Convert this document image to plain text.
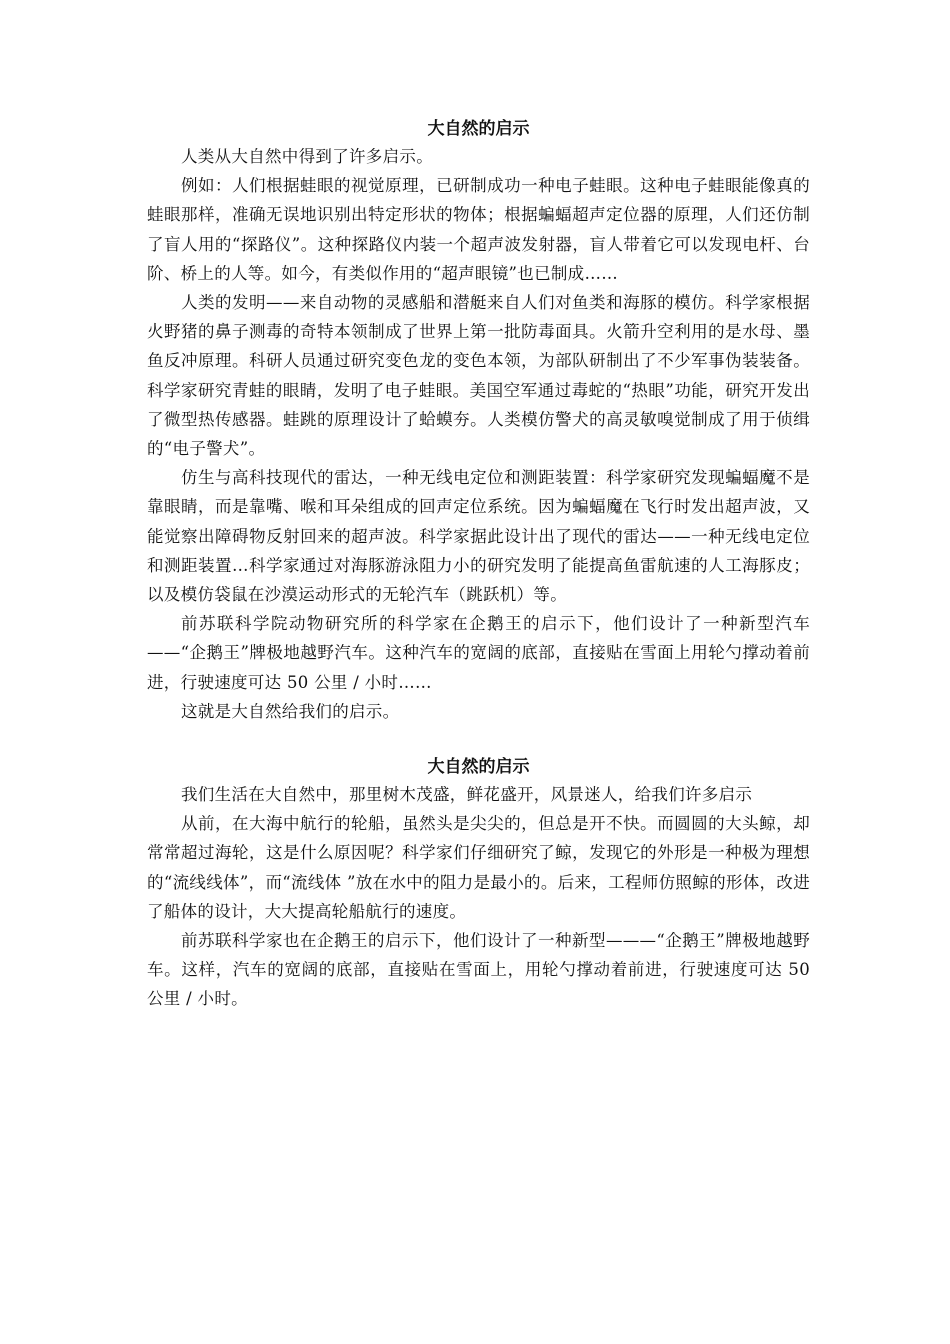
大自然的启示

人类从大自然中得到了许多启示。

例如：人们根据蛙眼的视觉原理，已研制成功一种电子蛙眼。这种电子蛙眼能像真的蛙眼那样，准确无误地识别出特定形状的物体；根据蝙蝠超声定位器的原理，人们还仿制了盲人用的“探路仪”。这种探路仪内装一个超声波发射器，盲人带着它可以发现电杆、台阶、桥上的人等。如今，有类似作用的“超声眼镜”也已制成……

人类的发明——来自动物的灵感船和潜艇来自人们对鱼类和海豚的模仿。科学家根据火野猪的鼻子测毒的奇特本领制成了世界上第一批防毒面具。火箭升空利用的是水母、墨鱼反冲原理。科研人员通过研究变色龙的变色本领，为部队研制出了不少军事伪装装备。科学家研究青蛙的眼睛，发明了电子蛙眼。美国空军通过毒蛇的“热眼”功能，研究开发出了微型热传感器。蛙跳的原理设计了蛤蟆夯。人类模仿警犬的高灵敏嗅觉制成了用于侦缉的“电子警犬”。

仿生与高科技现代的雷达，一种无线电定位和测距装置：科学家研究发现蝙蝠魔不是靠眼睛，而是靠嘴、喉和耳朵组成的回声定位系统。因为蝙蝠魔在飞行时发出超声波，又能觉察出障碍物反射回来的超声波。科学家据此设计出了现代的雷达——一种无线电定位和测距装置…科学家通过对海豚游泳阻力小的研究发明了能提高鱼雷航速的人工海豚皮；以及模仿袋鼠在沙漠运动形式的无轮汽车（跳跃机）等。

前苏联科学院动物研究所的科学家在企鹅王的启示下，他们设计了一种新型汽车——“企鹅王”牌极地越野汽车。这种汽车的宽阔的底部，直接贴在雪面上用轮勺撑动着前进，行驶速度可达 50 公里 / 小时……

这就是大自然给我们的启示。

大自然的启示

我们生活在大自然中，那里树木茂盛，鲜花盛开，风景迷人，给我们许多启示

从前，在大海中航行的轮船，虽然头是尖尖的，但总是开不快。而圆圆的大头鲸，却常常超过海轮，这是什么原因呢？科学家们仔细研究了鲸，发现它的外形是一种极为理想的“流线线体”，而“流线体 ”放在水中的阻力是最小的。后来，工程师仿照鲸的形体，改进了船体的设计，大大提高轮船航行的速度。

前苏联科学家也在企鹅王的启示下，他们设计了一种新型———“企鹅王”牌极地越野车。这样，汽车的宽阔的底部，直接贴在雪面上，用轮勺撑动着前进，行驶速度可达 50 公里 / 小时。
